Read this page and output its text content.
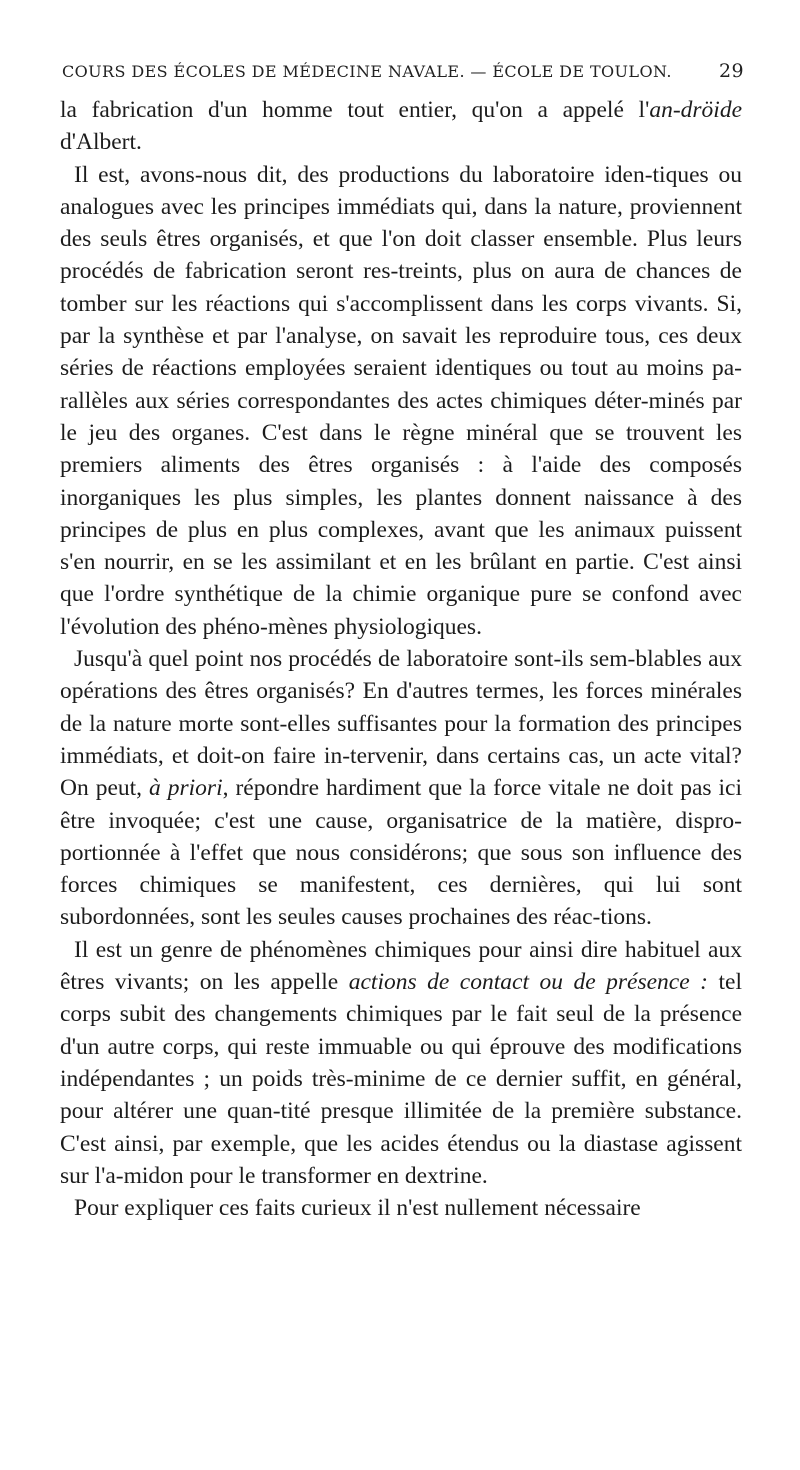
COURS DES ÉCOLES DE MÉDECINE NAVALE. — ÉCOLE DE TOULON. 29

la fabrication d'un homme tout entier, qu'on a appelé l'an-dröide d'Albert.

Il est, avons-nous dit, des productions du laboratoire iden-tiques ou analogues avec les principes immédiats qui, dans la nature, proviennent des seuls êtres organisés, et que l'on doit classer ensemble. Plus leurs procédés de fabrication seront res-treints, plus on aura de chances de tomber sur les réactions qui s'accomplissent dans les corps vivants. Si, par la synthèse et par l'analyse, on savait les reproduire tous, ces deux séries de réactions employées seraient identiques ou tout au moins pa-rallèles aux séries correspondantes des actes chimiques déter-minés par le jeu des organes. C'est dans le règne minéral que se trouvent les premiers aliments des êtres organisés : à l'aide des composés inorganiques les plus simples, les plantes donnent naissance à des principes de plus en plus complexes, avant que les animaux puissent s'en nourrir, en se les assimilant et en les brûlant en partie. C'est ainsi que l'ordre synthétique de la chimie organique pure se confond avec l'évolution des phéno-mènes physiologiques.

Jusqu'à quel point nos procédés de laboratoire sont-ils sem-blables aux opérations des êtres organisés? En d'autres termes, les forces minérales de la nature morte sont-elles suffisantes pour la formation des principes immédiats, et doit-on faire in-tervenir, dans certains cas, un acte vital? On peut, à priori, répondre hardiment que la force vitale ne doit pas ici être invoquée; c'est une cause, organisatrice de la matière, dispro-portionnée à l'effet que nous considérons; que sous son influence des forces chimiques se manifestent, ces dernières, qui lui sont subordonnées, sont les seules causes prochaines des réac-tions.

Il est un genre de phénomènes chimiques pour ainsi dire habituel aux êtres vivants; on les appelle actions de contact ou de présence : tel corps subit des changements chimiques par le fait seul de la présence d'un autre corps, qui reste immuable ou qui éprouve des modifications indépendantes ; un poids très-minime de ce dernier suffit, en général, pour altérer une quan-tité presque illimitée de la première substance. C'est ainsi, par exemple, que les acides étendus ou la diastase agissent sur l'a-midon pour le transformer en dextrine.

Pour expliquer ces faits curieux il n'est nullement nécessaire
